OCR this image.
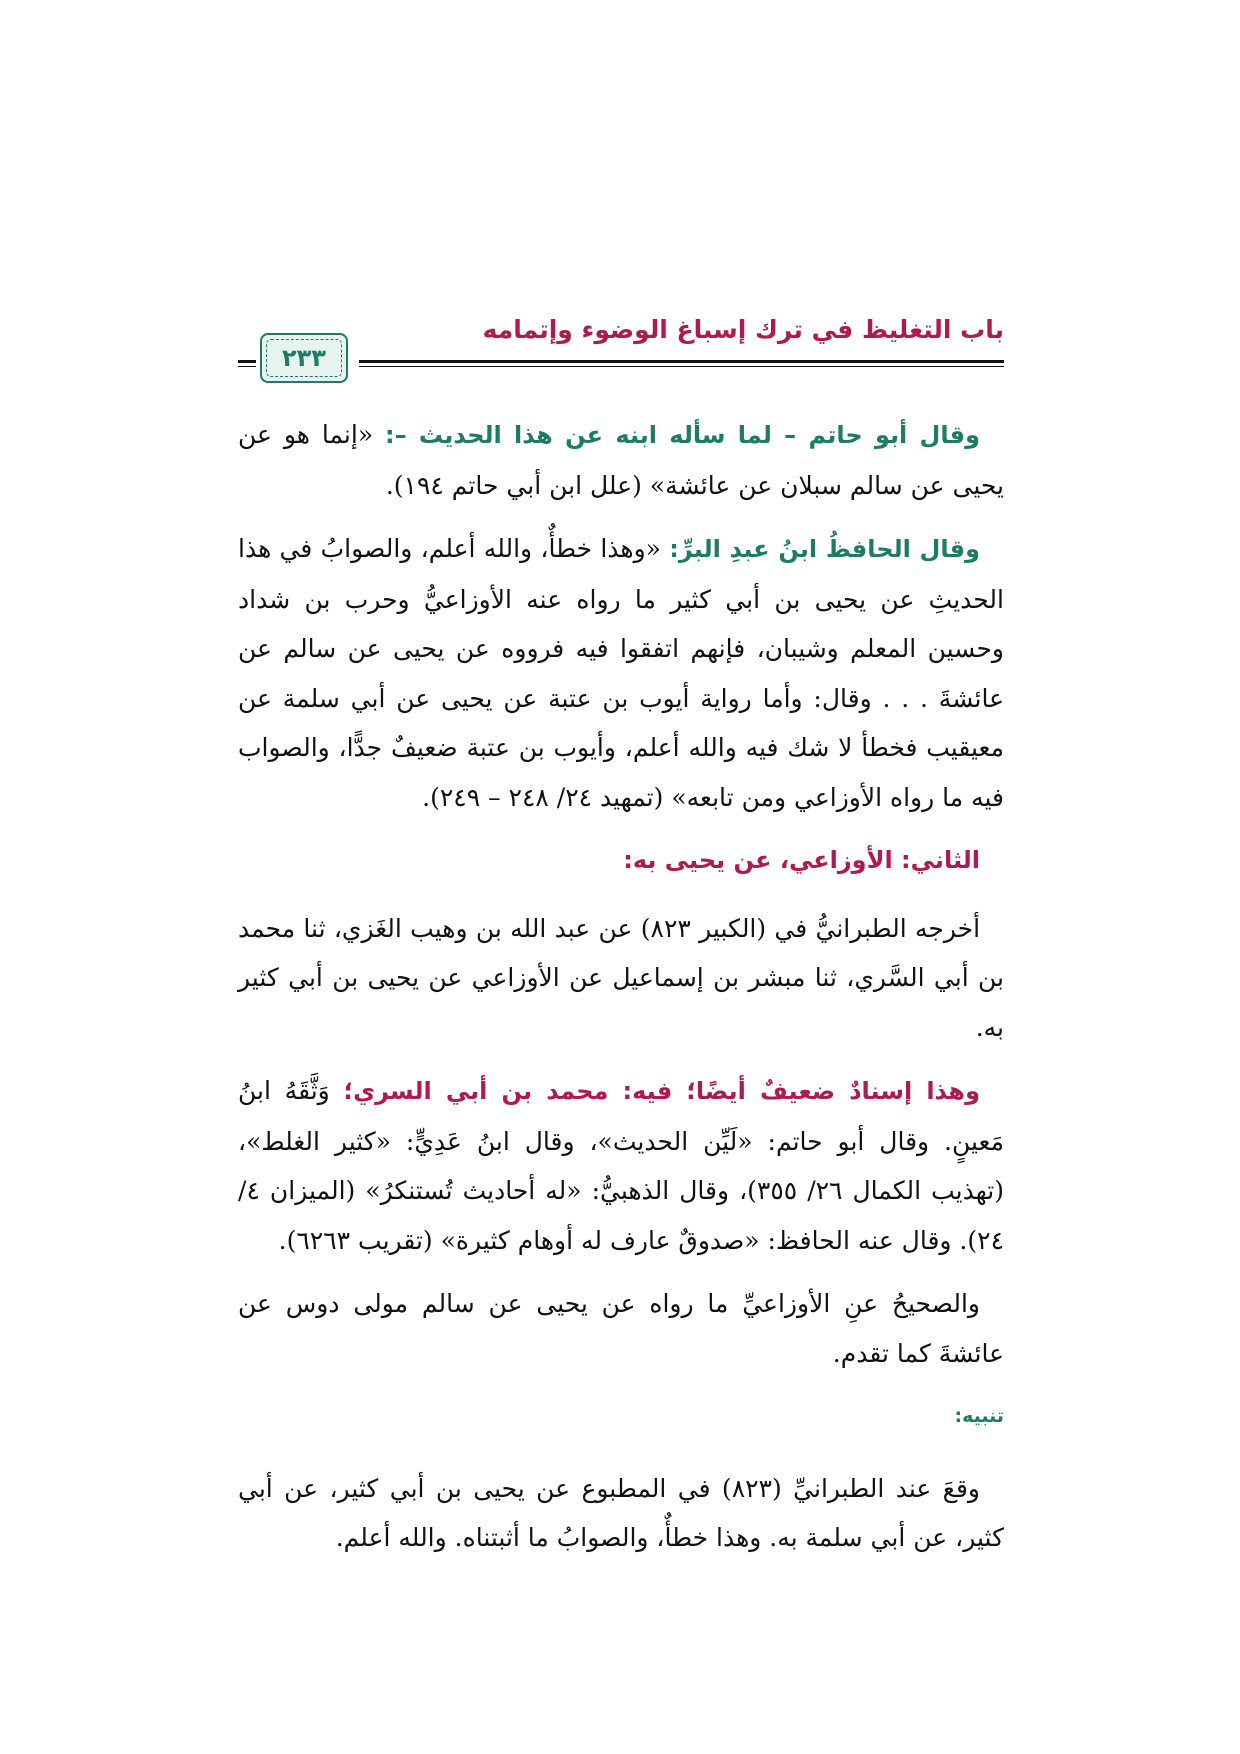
باب التغليظ في ترك إسباغ الوضوء وإتمامه
٢٣٣

وقال أبو حاتم – لما سأله ابنه عن هذا الحديث –: «إنما هو عن يحيى عن سالم سبلان عن عائشة» (علل ابن أبي حاتم ١٩٤).

وقال الحافظُ ابنُ عبدِ البرِّ: «وهذا خطأٌ، والله أعلم، والصوابُ في هذا الحديثِ عن يحيى بن أبي كثير ما رواه عنه الأوزاعيُّ وحرب بن شداد وحسين المعلم وشيبان، فإنهم اتفقوا فيه فرووه عن يحيى عن سالم عن عائشةَ . . . وقال: وأما رواية أيوب بن عتبة عن يحيى عن أبي سلمة عن معيقيب فخطأ لا شك فيه والله أعلم، وأيوب بن عتبة ضعيفٌ جدًّا، والصواب فيه ما رواه الأوزاعي ومن تابعه» (تمهيد ٢٤/ ٢٤٨ – ٢٤٩).

الثاني: الأوزاعي، عن يحيى به:

أخرجه الطبرانيُّ في (الكبير ٨٢٣) عن عبد الله بن وهيب الغَزي، ثنا محمد بن أبي السَّري، ثنا مبشر بن إسماعيل عن الأوزاعي عن يحيى بن أبي كثير به.

وهذا إسنادٌ ضعيفٌ أيضًا؛ فيه: محمد بن أبي السري؛ وَثَّقَهُ ابنُ مَعينٍ. وقال أبو حاتم: «لَيِّن الحديث»، وقال ابنُ عَدِيٍّ: «كثير الغلط»، (تهذيب الكمال ٢٦/ ٣٥٥)، وقال الذهبيُّ: «له أحاديث تُستنكرُ» (الميزان ٤/ ٢٤). وقال عنه الحافظ: «صدوقٌ عارف له أوهام كثيرة» (تقريب ٦٢٦٣).

والصحيحُ عنِ الأوزاعيِّ ما رواه عن يحيى عن سالم مولى دوس عن عائشةَ كما تقدم.

تنبيه:

وقعَ عند الطبرانيِّ (٨٢٣) في المطبوع عن يحيى بن أبي كثير، عن أبي كثير، عن أبي سلمة به. وهذا خطأٌ، والصوابُ ما أثبتناه. والله أعلم.
